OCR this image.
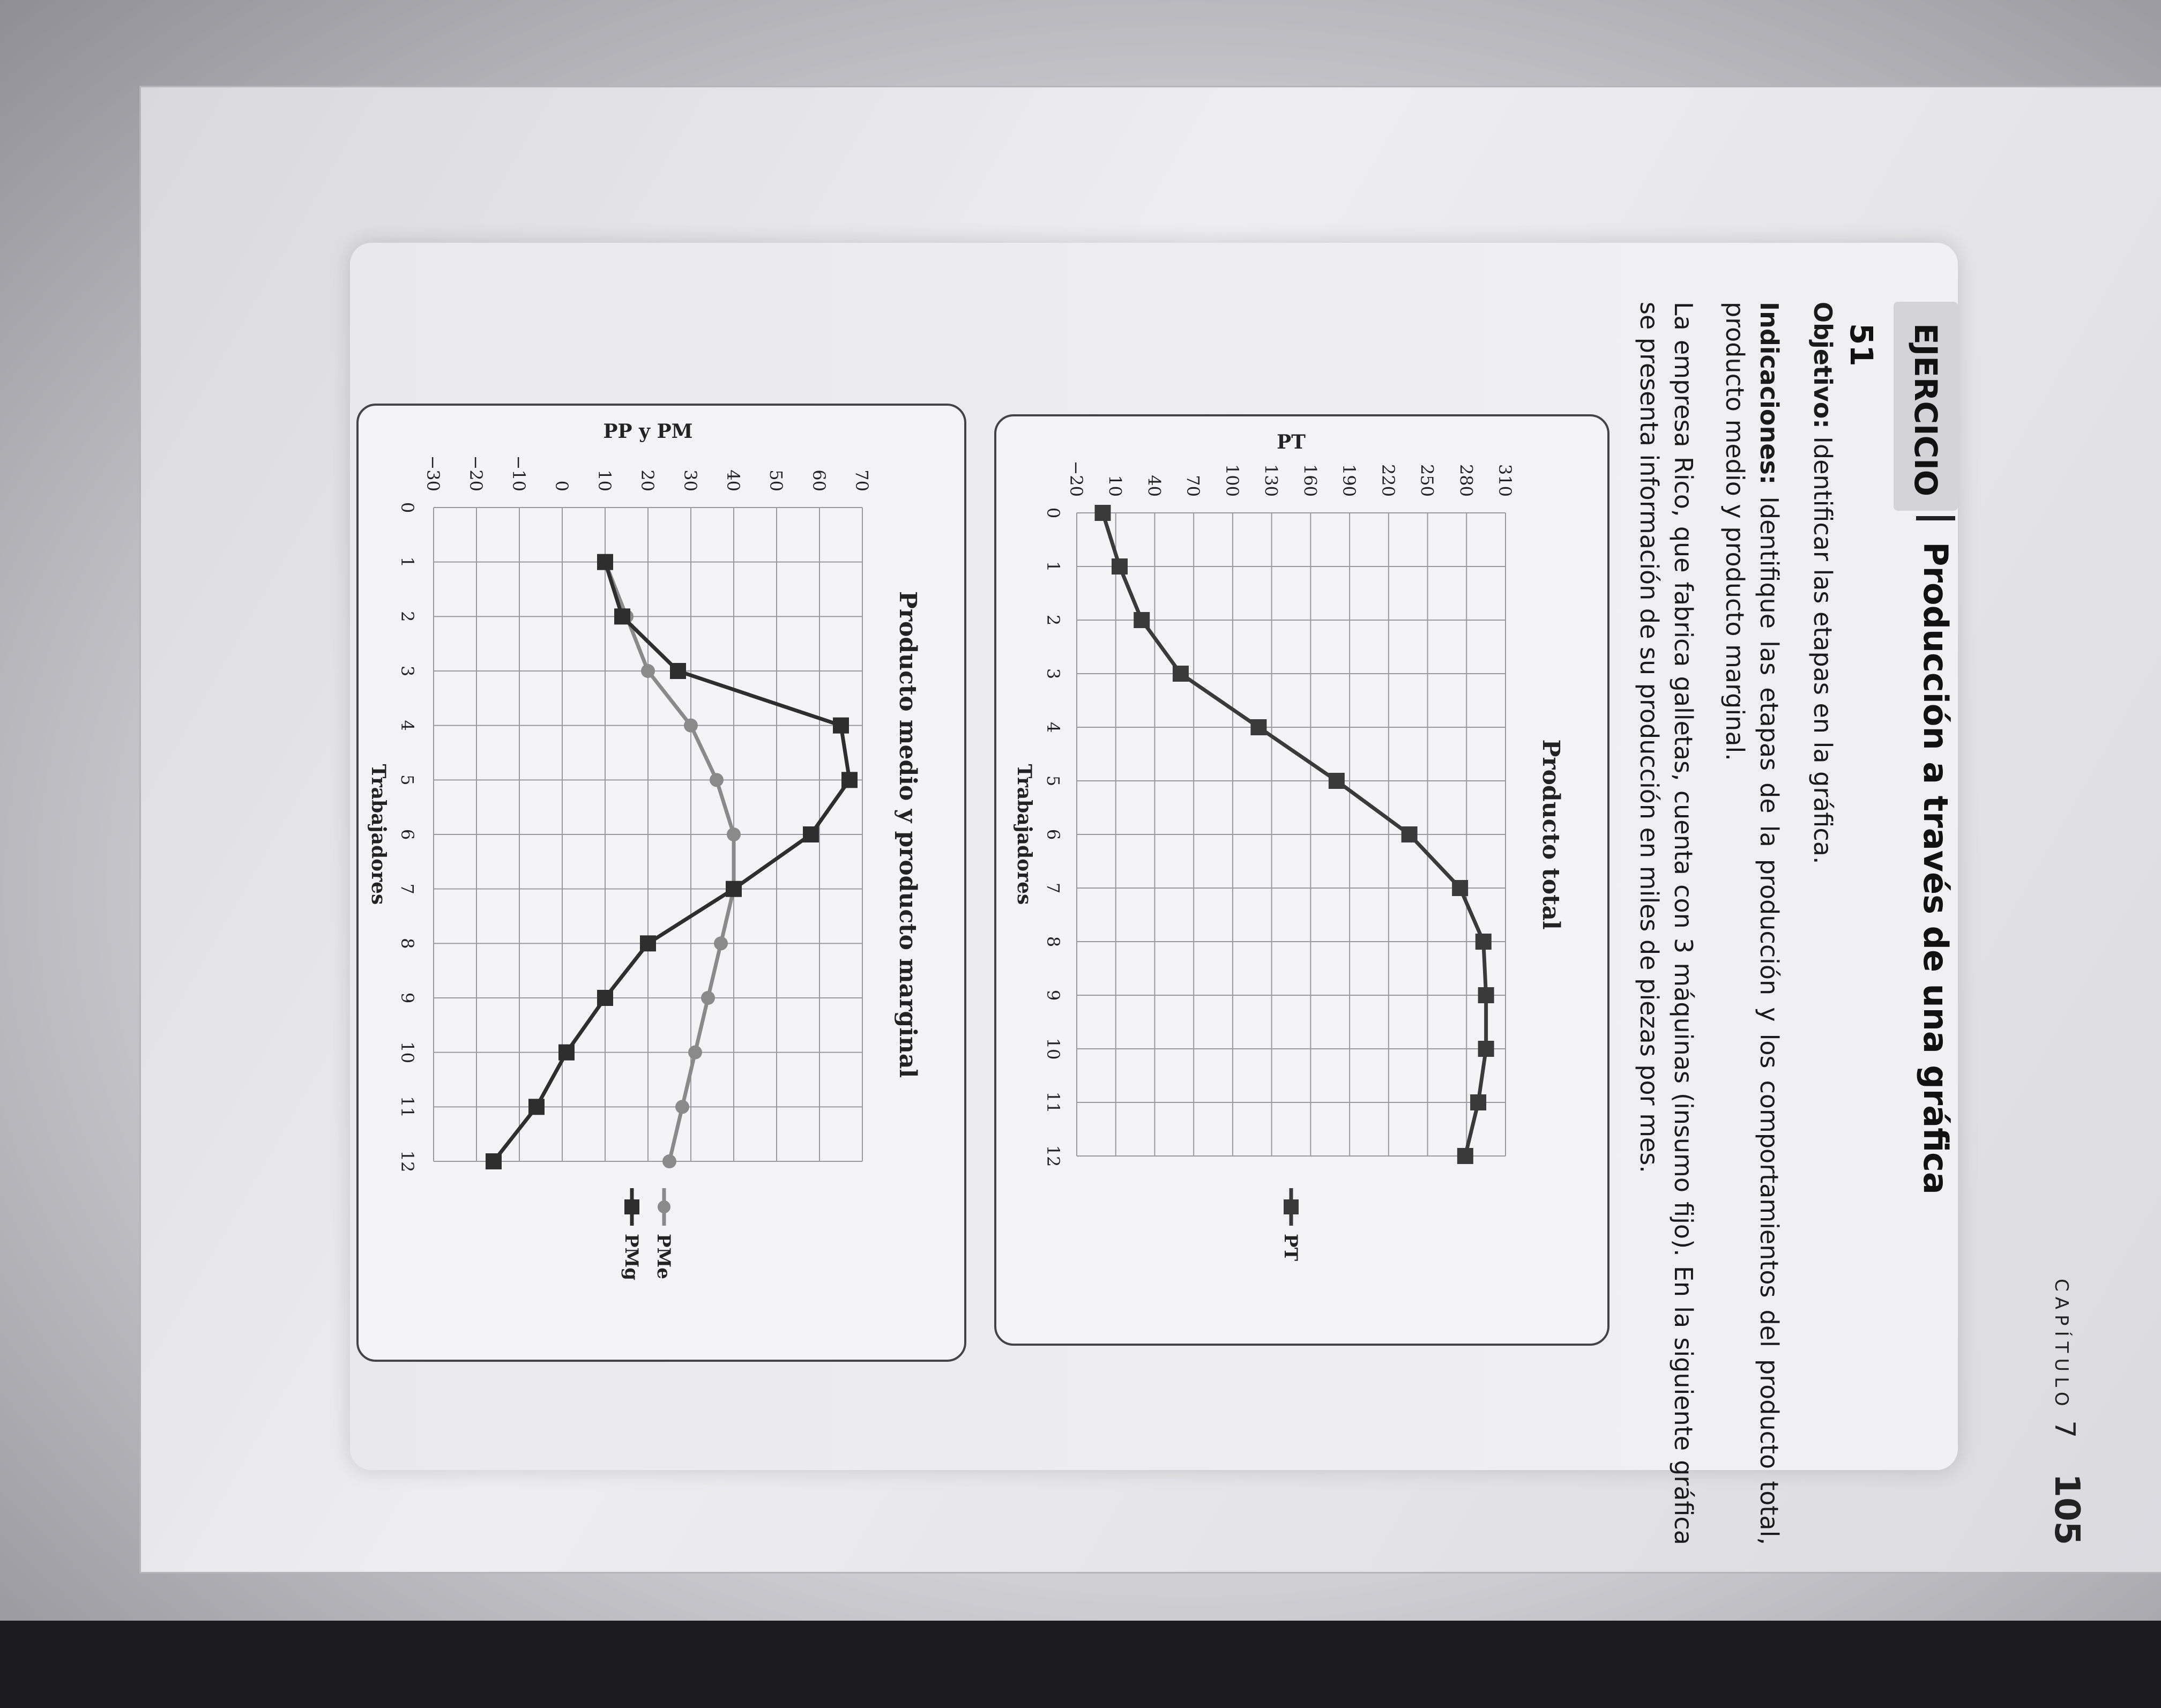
CAPÍTULO 7    105
EJERCICIO 51
Producción a través de una gráfica
Objetivo: Identificar las etapas en la gráfica.
Indicaciones: Identifique las etapas de la producción y los comportamientos del producto total, producto medio y producto marginal.
La empresa Rico, que fabrica galletas, cuenta con 3 máquinas (insumo fijo). En la siguiente gráfica se presenta información de su producción en miles de piezas por mes.
Producto total
−20 10 40 70 100 130 160 190 220 250 280 310
0
1
2
3
4
5
6
7
8
9
10
11
12
Trabajadores
PT
PT
Producto medio y producto marginal
70
60
50
40
30
20
10
0
−10
−20
−30
0
1
2
3
4
5
6
7
8
9
10
11
12
Trabajadores
PP y PM
PMe
PMg
